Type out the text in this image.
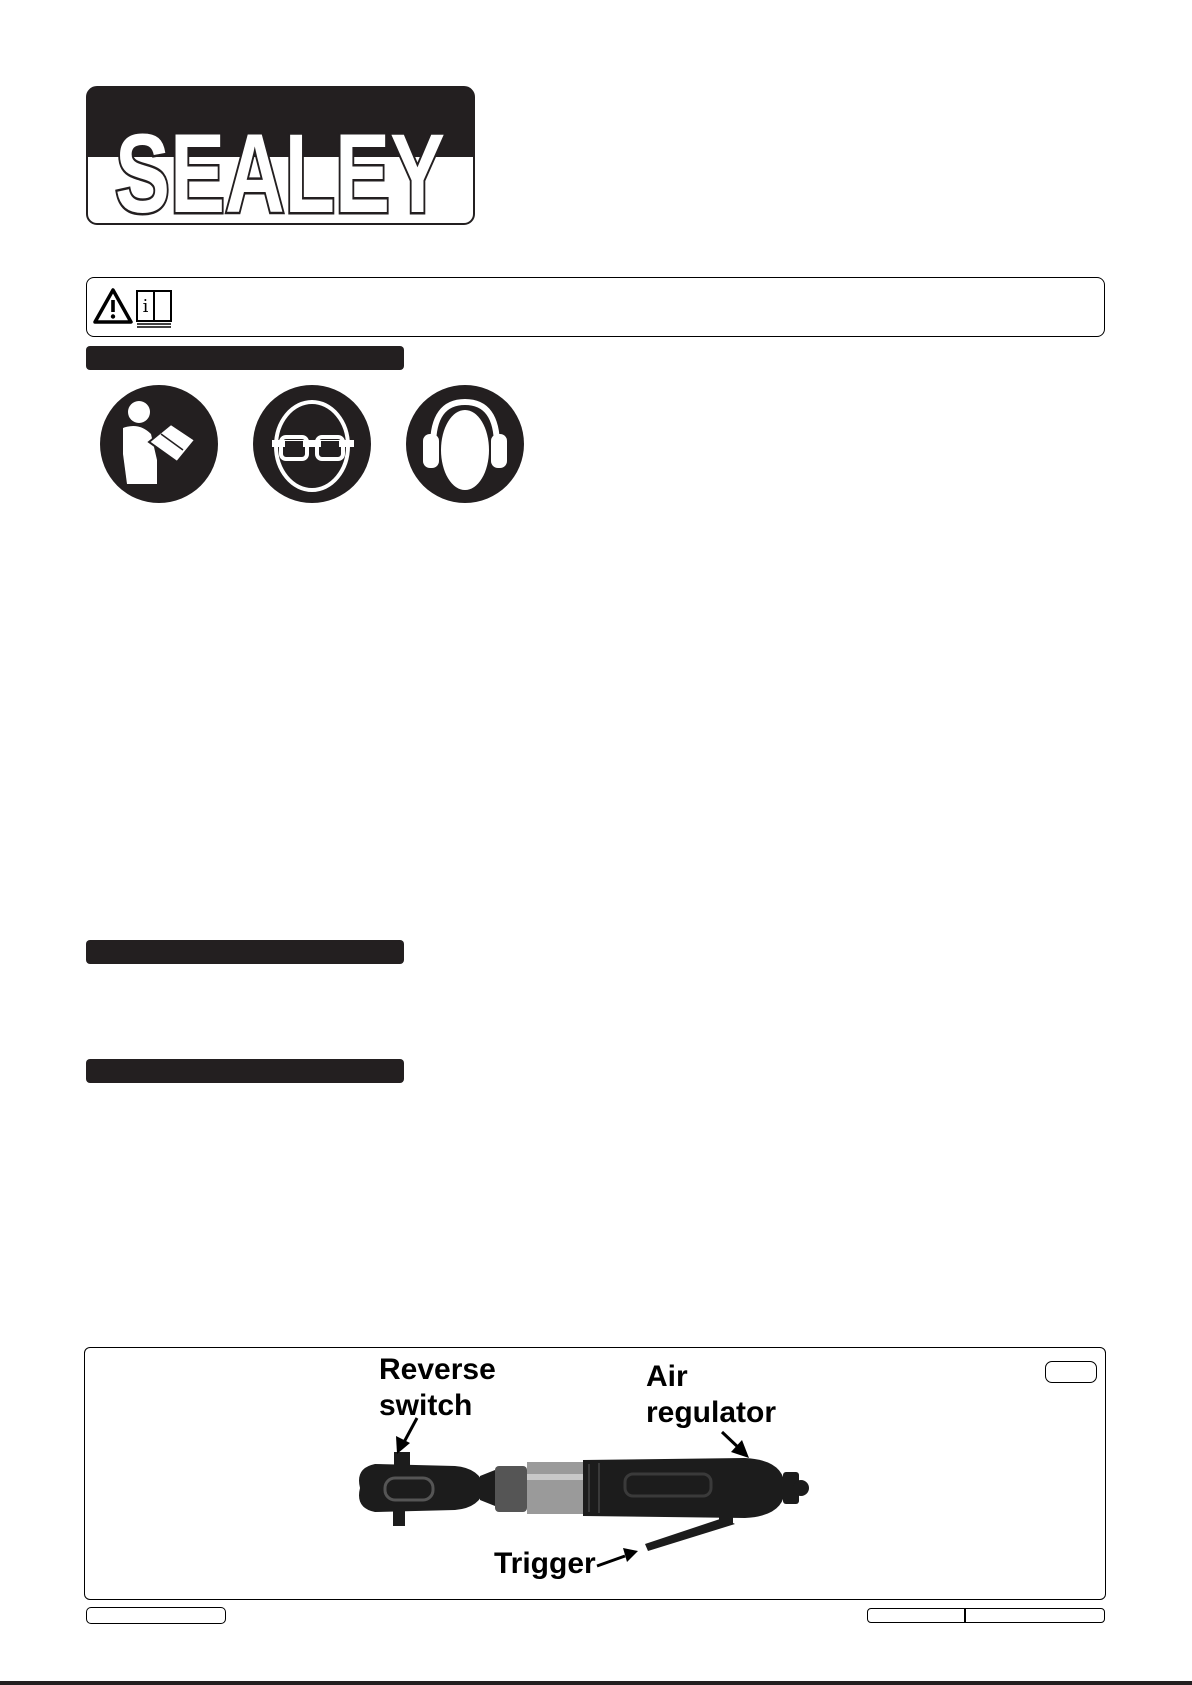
SEALEY
i
Reverse
switch
Air
regulator
Trigger
